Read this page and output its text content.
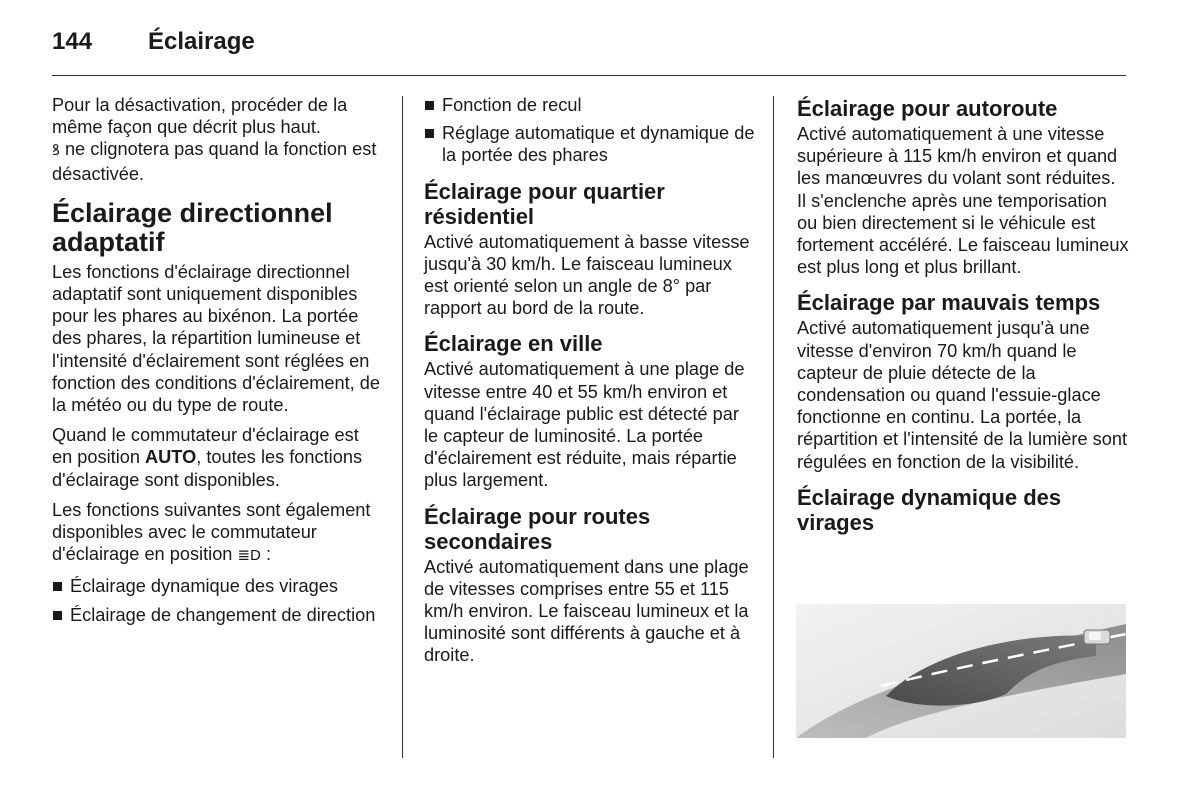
144 Éclairage

Pour la désactivation, procéder de la même façon que décrit plus haut.
ꝸ ne clignotera pas quand la fonction est désactivée.

Éclairage directionnel adaptatif

Les fonctions d'éclairage directionnel adaptatif sont uniquement disponibles pour les phares au bixénon. La portée des phares, la répartition lumineuse et l'intensité d'éclairement sont réglées en fonction des conditions d'éclairement, de la météo ou du type de route.

Quand le commutateur d'éclairage est en position AUTO, toutes les fonctions d'éclairage sont disponibles.

Les fonctions suivantes sont également disponibles avec le commutateur d'éclairage en position ≣D :

Éclairage dynamique des virages
Éclairage de changement de direction
Fonction de recul
Réglage automatique et dynamique de la portée des phares
Éclairage pour quartier résidentiel

Activé automatiquement à basse vitesse jusqu'à 30 km/h. Le faisceau lumineux est orienté selon un angle de 8° par rapport au bord de la route.

Éclairage en ville

Activé automatiquement à une plage de vitesse entre 40 et 55 km/h environ et quand l'éclairage public est détecté par le capteur de luminosité. La portée d'éclairement est réduite, mais répartie plus largement.

Éclairage pour routes secondaires

Activé automatiquement dans une plage de vitesses comprises entre 55 et 115 km/h environ. Le faisceau lumineux et la luminosité sont différents à gauche et à droite.

Éclairage pour autoroute

Activé automatiquement à une vitesse supérieure à 115 km/h environ et quand les manœuvres du volant sont réduites. Il s'enclenche après une temporisation ou bien directement si le véhicule est fortement accéléré. Le faisceau lumineux est plus long et plus brillant.

Éclairage par mauvais temps

Activé automatiquement jusqu'à une vitesse d'environ 70 km/h quand le capteur de pluie détecte de la condensation ou quand l'essuie-glace fonctionne en continu. La portée, la répartition et l'intensité de la lumière sont régulées en fonction de la visibilité.

Éclairage dynamique des virages
